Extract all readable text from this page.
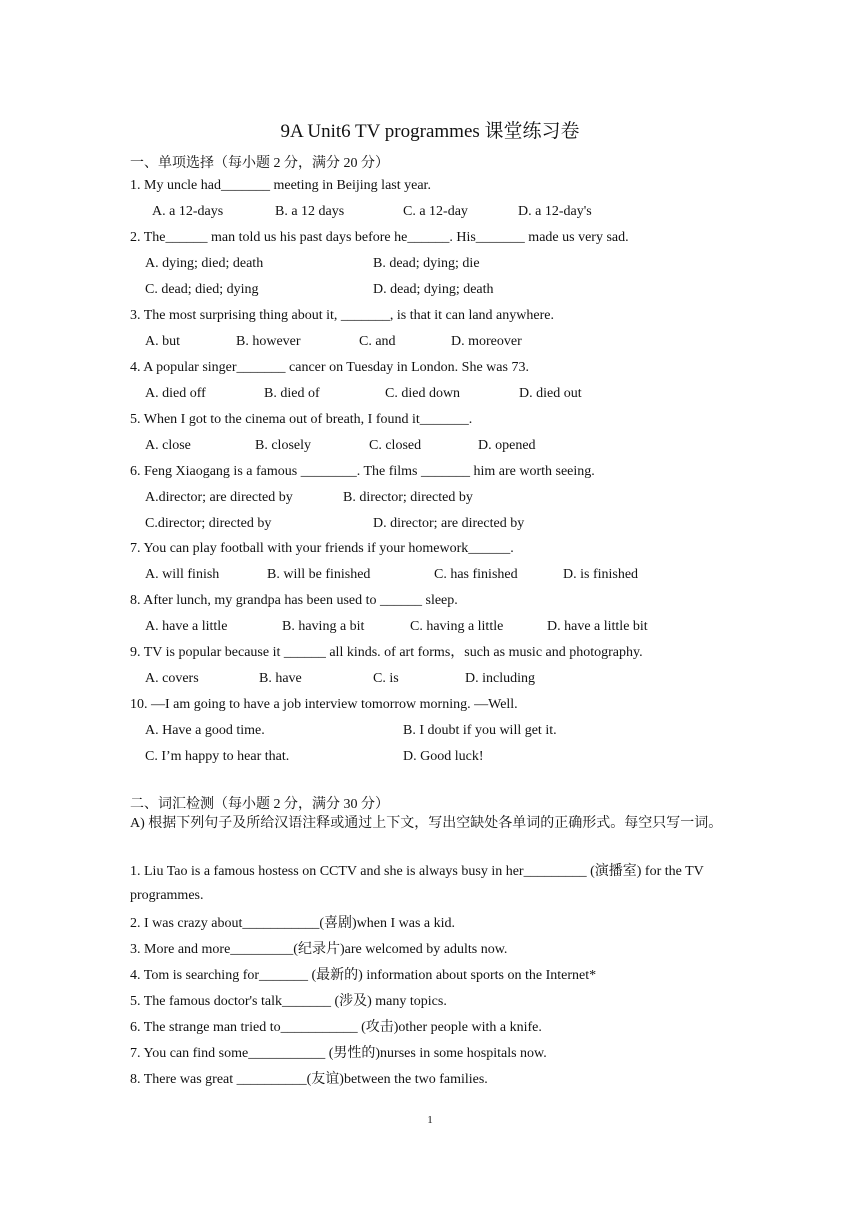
9A Unit6 TV programmes 课堂练习卷
一、单项选择（每小题 2 分，满分 20 分）
1. My uncle had_______ meeting in Beijing last year.
A. a 12-days	B. a 12 days	C. a 12-day	D. a 12-day's
2. The______ man told us his past days before he______. His_______ made us very sad.
A. dying; died; death	B. dead; dying; die
C. dead; died; dying	D. dead; dying; death
3. The most surprising thing about it, _______, is that it can land anywhere.
A. but	B. however	C. and	D. moreover
4. A popular singer_______ cancer on Tuesday in London. She was 73.
A. died off	B. died of	C. died down	D. died out
5. When I got to the cinema out of breath, I found it_______.
A. close	B. closely	C. closed	D. opened
6. Feng Xiaogang is a famous ________. The films _______ him are worth seeing.
A.director; are directed by	B. director; directed by
C.director; directed by	D. director; are directed by
7. You can play football with your friends if your homework______.
A. will finish	B. will be finished	C. has finished	D. is finished
8. After lunch, my grandpa has been used to ______ sleep.
A. have a little	B. having a bit	C. having a little	D. have a little bit
9. TV is popular because it ______ all kinds. of art forms，such as music and photography.
A. covers	B. have	C. is	D. including
10. —I am going to have a job interview tomorrow morning. —Well.
A. Have a good time.	B. I doubt if you will get it.
C. I’m happy to hear that.	D. Good luck!
二、词汇检测（每小题 2 分，满分 30 分）
A) 根据下列句子及所给汉语注释或通过上下文，写出空缺处各单词的正确形式。每空只写一词。
1. Liu Tao is a famous hostess on CCTV and she is always busy in her_________ (演播室) for the TV programmes.
2. I was crazy about___________(喜剧)when I was a kid.
3. More and more_________(纪录片)are welcomed by adults now.
4. Tom is searching for_______ (最新的) information about sports on the Internet*
5. The famous doctor's talk_______ (涉及) many topics.
6. The strange man tried to___________ (攻击)other people with a knife.
7. You can find some___________ (男性的)nurses in some hospitals now.
8. There was great __________(友谊)between the two families.
1
